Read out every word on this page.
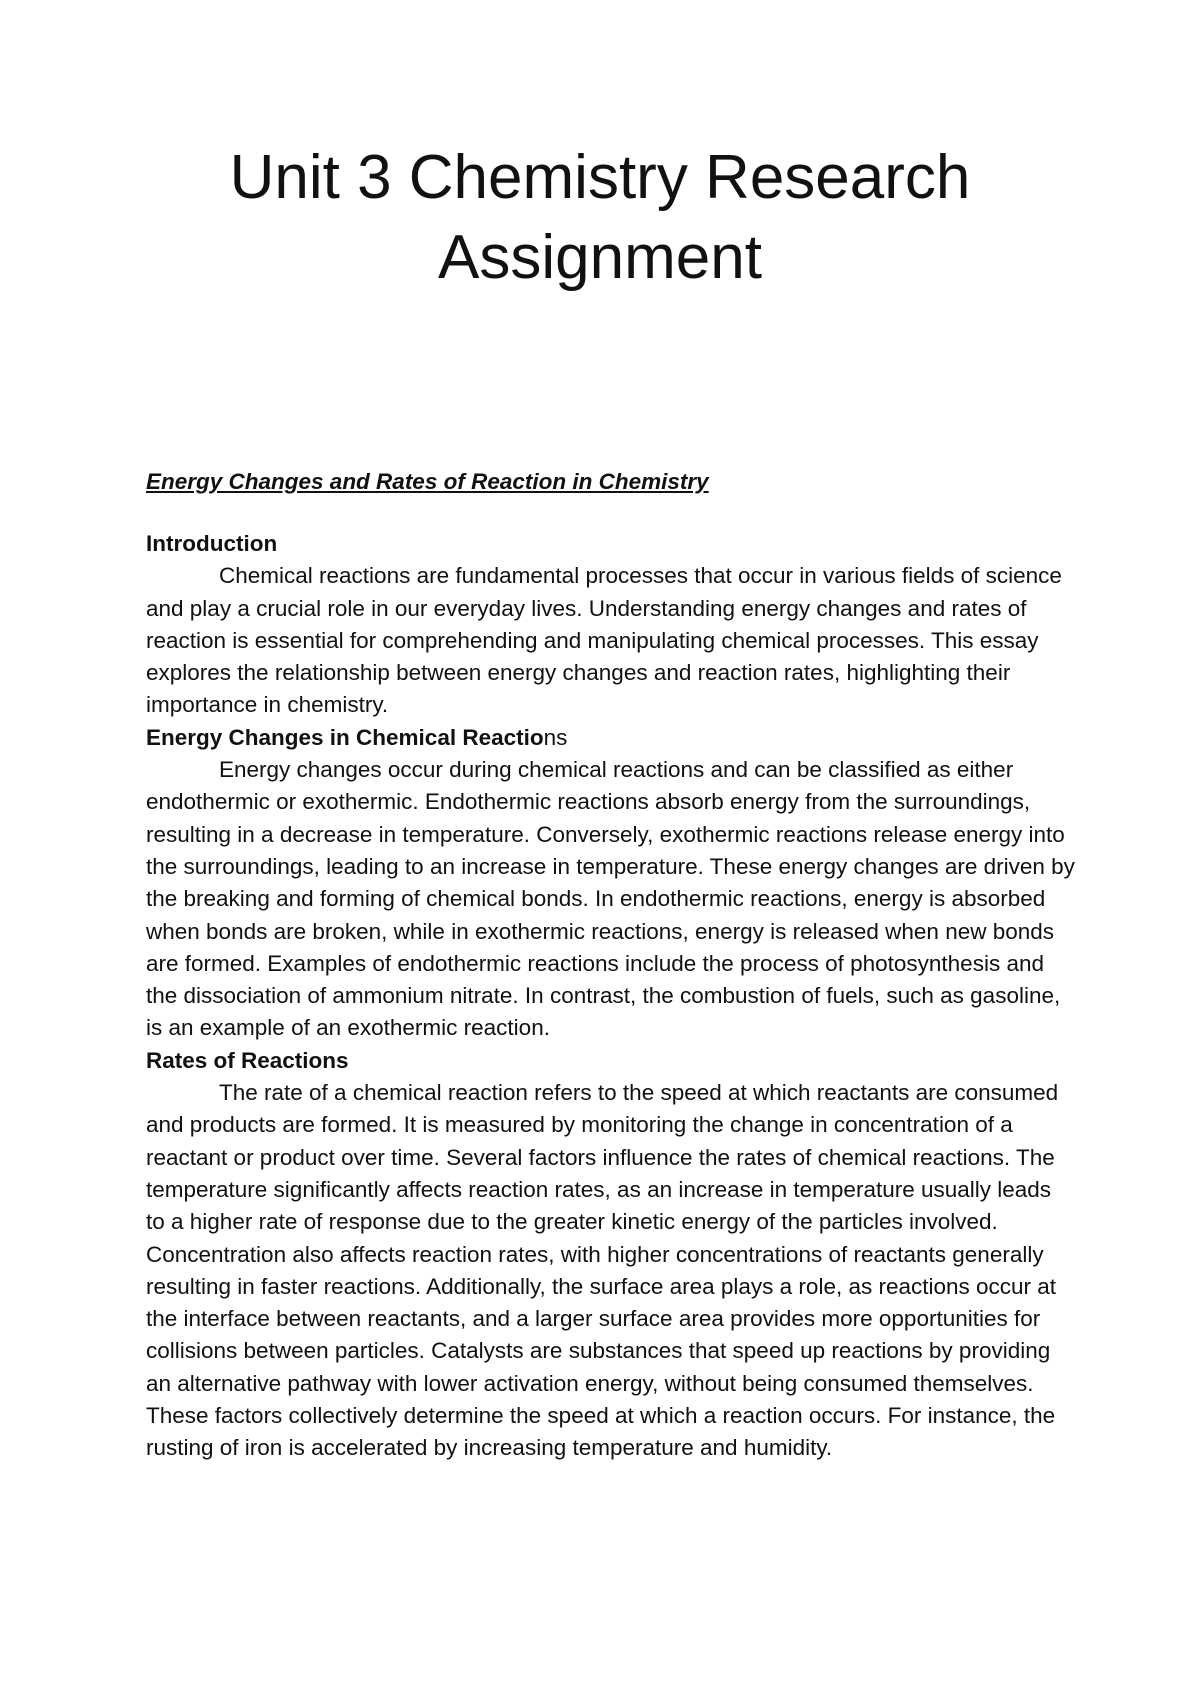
Unit 3 Chemistry Research
Assignment

Energy Changes and Rates of Reaction in Chemistry

Introduction

Chemical reactions are fundamental processes that occur in various fields of science and play a crucial role in our everyday lives. Understanding energy changes and rates of reaction is essential for comprehending and manipulating chemical processes. This essay explores the relationship between energy changes and reaction rates, highlighting their importance in chemistry.

Energy Changes in Chemical Reactions

Energy changes occur during chemical reactions and can be classified as either endothermic or exothermic. Endothermic reactions absorb energy from the surroundings, resulting in a decrease in temperature. Conversely, exothermic reactions release energy into the surroundings, leading to an increase in temperature. These energy changes are driven by the breaking and forming of chemical bonds. In endothermic reactions, energy is absorbed when bonds are broken, while in exothermic reactions, energy is released when new bonds are formed. Examples of endothermic reactions include the process of photosynthesis and the dissociation of ammonium nitrate. In contrast, the combustion of fuels, such as gasoline, is an example of an exothermic reaction.

Rates of Reactions

The rate of a chemical reaction refers to the speed at which reactants are consumed and products are formed. It is measured by monitoring the change in concentration of a reactant or product over time. Several factors influence the rates of chemical reactions. The temperature significantly affects reaction rates, as an increase in temperature usually leads to a higher rate of response due to the greater kinetic energy of the particles involved. Concentration also affects reaction rates, with higher concentrations of reactants generally resulting in faster reactions. Additionally, the surface area plays a role, as reactions occur at the interface between reactants, and a larger surface area provides more opportunities for collisions between particles. Catalysts are substances that speed up reactions by providing an alternative pathway with lower activation energy, without being consumed themselves. These factors collectively determine the speed at which a reaction occurs. For instance, the rusting of iron is accelerated by increasing temperature and humidity.
